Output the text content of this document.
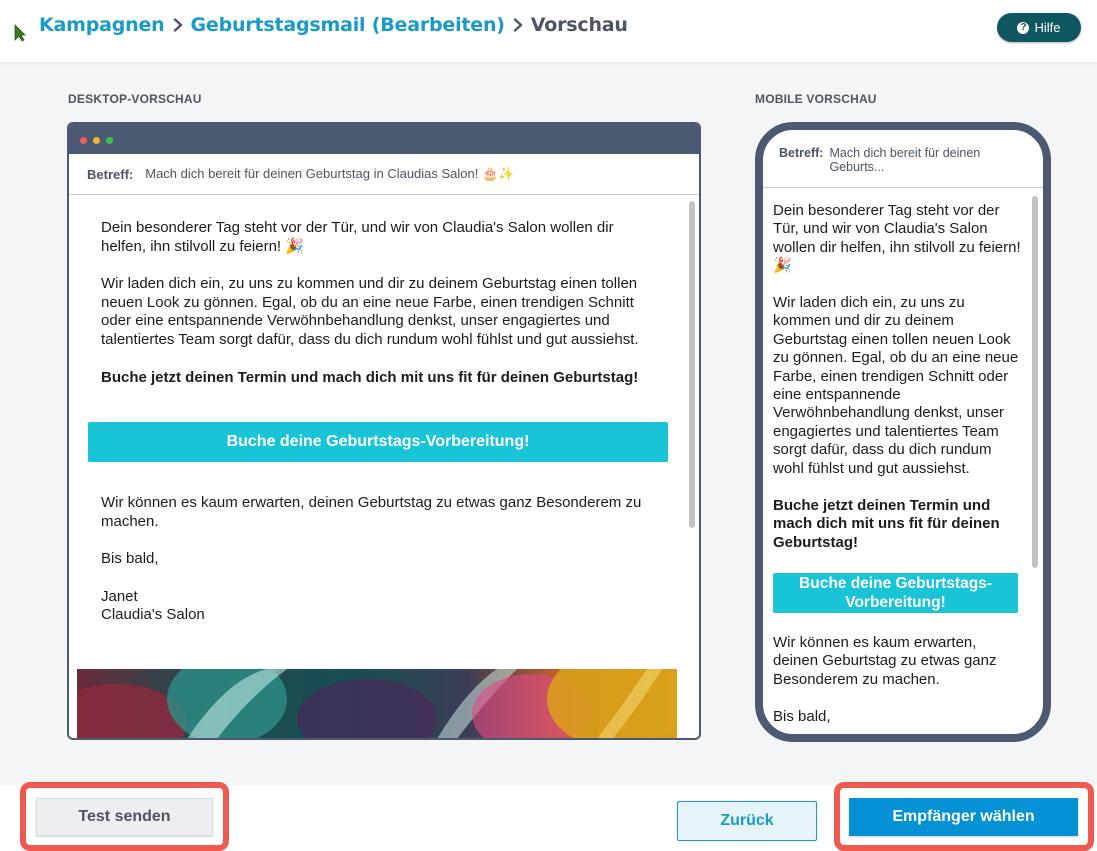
Kampagnen Geburtstagsmail (Bearbeiten) Vorschau	? Hilfe
DESKTOP-VORSCHAU	MOBILE VORSCHAU
Betreff: Mach dich bereit für deinen Geburtstag in Claudias Salon! 🎂✨
Dein besonderer Tag steht vor der Tür, und wir von Claudia's Salon wollen dir helfen, ihn stilvoll zu feiern! 🎉
Wir laden dich ein, zu uns zu kommen und dir zu deinem Geburtstag einen tollen neuen Look zu gönnen. Egal, ob du an eine neue Farbe, einen trendigen Schnitt oder eine entspannende Verwöhnbehandlung denkst, unser engagiertes und talentiertes Team sorgt dafür, dass du dich rundum wohl fühlst und gut aussiehst.
Buche jetzt deinen Termin und mach dich mit uns fit für deinen Geburtstag!
Buche deine Geburtstags-Vorbereitung!
Wir können es kaum erwarten, deinen Geburtstag zu etwas ganz Besonderem zu machen.
Bis bald,
Janet
Claudia's Salon
Betreff: Mach dich bereit für deinen Geburts...
Dein besonderer Tag steht vor der Tür, und wir von Claudia's Salon wollen dir helfen, ihn stilvoll zu feiern! 🎉
Wir laden dich ein, zu uns zu kommen und dir zu deinem Geburtstag einen tollen neuen Look zu gönnen. Egal, ob du an eine neue Farbe, einen trendigen Schnitt oder eine entspannende Verwöhnbehandlung denkst, unser engagiertes und talentiertes Team sorgt dafür, dass du dich rundum wohl fühlst und gut aussiehst.
Buche jetzt deinen Termin und mach dich mit uns fit für deinen Geburtstag!
Buche deine Geburtstags-Vorbereitung!
Wir können es kaum erwarten, deinen Geburtstag zu etwas ganz Besonderem zu machen.
Bis bald,
Test senden	Zurück	Empfänger wählen
